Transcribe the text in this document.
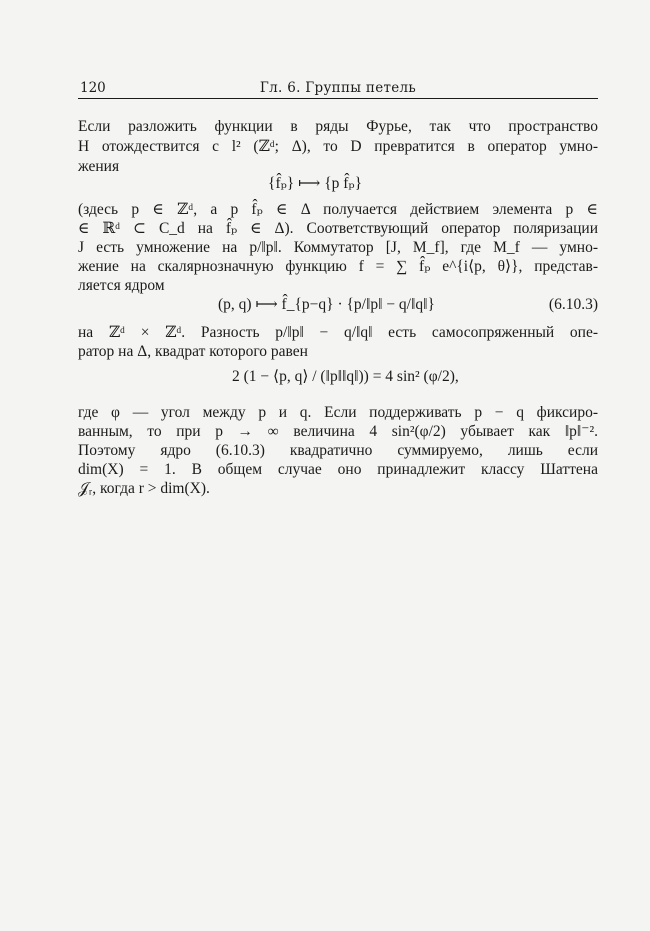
120	Гл. 6. Группы петель
Если разложить функции в ряды Фурье, так что пространство
H отождествится с l² (ℤᵈ; Δ), то D превратится в оператор умно-
жения
{f̂ₚ} ⟼ {p f̂ₚ}
(здесь p ∈ ℤᵈ, а p f̂ₚ ∈ Δ получается действием элемента p ∈
∈ ℝᵈ ⊂ C_d на f̂ₚ ∈ Δ). Соответствующий оператор поляризации
J есть умножение на p/‖p‖. Коммутатор [J, M_f], где M_f — умно-
жение на скалярнозначную функцию f = ∑ f̂ₚ e^{i⟨p, θ⟩}, представ-
ляется ядром
(p, q) ⟼ f̂_{p−q} · {p/‖p‖ − q/‖q‖}	(6.10.3)
на ℤᵈ × ℤᵈ. Разность p/‖p‖ − q/‖q‖ есть самосопряженный опе-
ратор на Δ, квадрат которого равен
2 (1 − ⟨p, q⟩ / (‖p‖‖q‖)) = 4 sin² (φ/2),
где φ — угол между p и q. Если поддерживать p − q фиксиро-
ванным, то при p → ∞ величина 4 sin²(φ/2) убывает как ‖p‖⁻².
Поэтому ядро (6.10.3) квадратично суммируемо, лишь если
dim(X) = 1. В общем случае оно принадлежит классу Шаттена
𝒥ᵣ, когда r > dim(X).
